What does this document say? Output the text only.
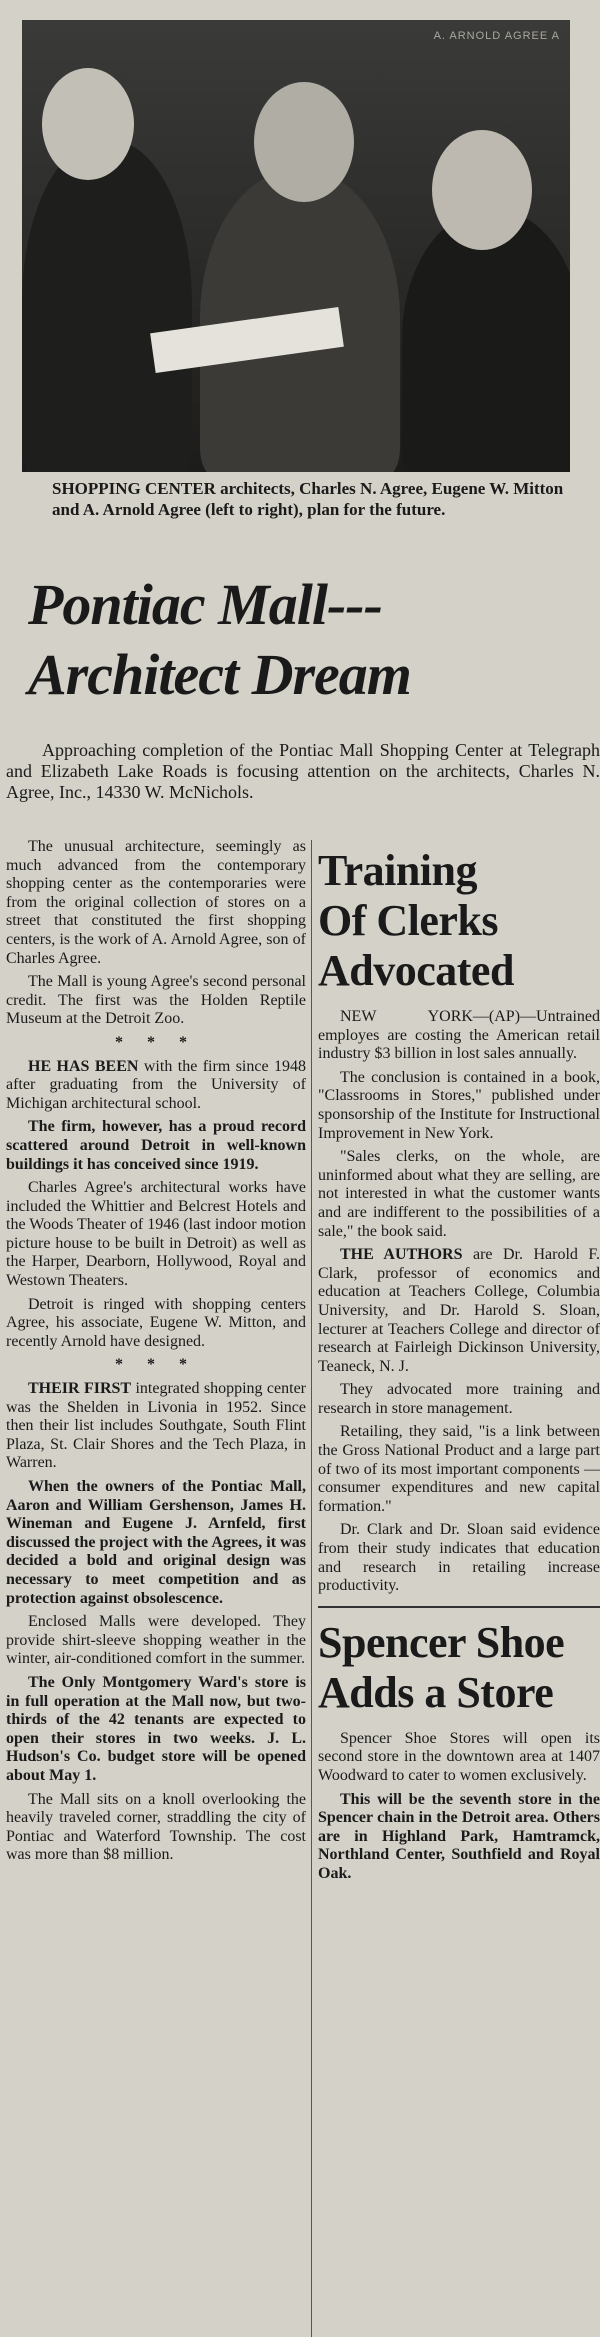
A. ARNOLD AGREE A
SHOPPING CENTER architects, Charles N. Agree, Eugene W. Mitton and A. Arnold Agree (left to right), plan for the future.
Pontiac Mall---
Architect Dream
Approaching completion of the Pontiac Mall Shopping Center at Telegraph and Elizabeth Lake Roads is focusing attention on the architects, Charles N. Agree, Inc., 14330 W. McNichols.

The unusual architecture, seemingly as much advanced from the contemporary shopping center as the contemporaries were from the original collection of stores on a street that constituted the first shopping centers, is the work of A. Arnold Agree, son of Charles Agree.

The Mall is young Agree's second personal credit. The first was the Holden Reptile Museum at the Detroit Zoo.

* * *

HE HAS BEEN with the firm since 1948 after graduating from the University of Michigan architectural school.

The firm, however, has a proud record scattered around Detroit in well-known buildings it has conceived since 1919.

Charles Agree's architectural works have included the Whittier and Belcrest Hotels and the Woods Theater of 1946 (last indoor motion picture house to be built in Detroit) as well as the Harper, Dearborn, Hollywood, Royal and Westown Theaters.

Detroit is ringed with shopping centers Agree, his associate, Eugene W. Mitton, and recently Arnold have designed.

* * *

THEIR FIRST integrated shopping center was the Shelden in Livonia in 1952. Since then their list includes Southgate, South Flint Plaza, St. Clair Shores and the Tech Plaza, in Warren.

When the owners of the Pontiac Mall, Aaron and William Gershenson, James H. Wineman and Eugene J. Arnfeld, first discussed the project with the Agrees, it was decided a bold and original design was necessary to meet competition and as protection against obsolescence.

Enclosed Malls were developed. They provide shirt-sleeve shopping weather in the winter, air-conditioned comfort in the summer.

The Only Montgomery Ward's store is in full operation at the Mall now, but two-thirds of the 42 tenants are expected to open their stores in two weeks. J. L. Hudson's Co. budget store will be opened about May 1.

The Mall sits on a knoll overlooking the heavily traveled corner, straddling the city of Pontiac and Waterford Township. The cost was more than $8 million.

Training
Of Clerks
Advocated

NEW YORK—(AP)—Untrained employes are costing the American retail industry $3 billion in lost sales annually.

The conclusion is contained in a book, "Classrooms in Stores," published under sponsorship of the Institute for Instructional Improvement in New York.

"Sales clerks, on the whole, are uninformed about what they are selling, are not interested in what the customer wants and are indifferent to the possibilities of a sale," the book said.

THE AUTHORS are Dr. Harold F. Clark, professor of economics and education at Teachers College, Columbia University, and Dr. Harold S. Sloan, lecturer at Teachers College and director of research at Fairleigh Dickinson University, Teaneck, N. J.

They advocated more training and research in store management.

Retailing, they said, "is a link between the Gross National Product and a large part of two of its most important components — consumer expenditures and new capital formation."

Dr. Clark and Dr. Sloan said evidence from their study indicates that education and research in retailing increase productivity.

Spencer Shoe
Adds a Store

Spencer Shoe Stores will open its second store in the downtown area at 1407 Woodward to cater to women exclusively.

This will be the seventh store in the Spencer chain in the Detroit area. Others are in Highland Park, Hamtramck, Northland Center, Southfield and Royal Oak.
